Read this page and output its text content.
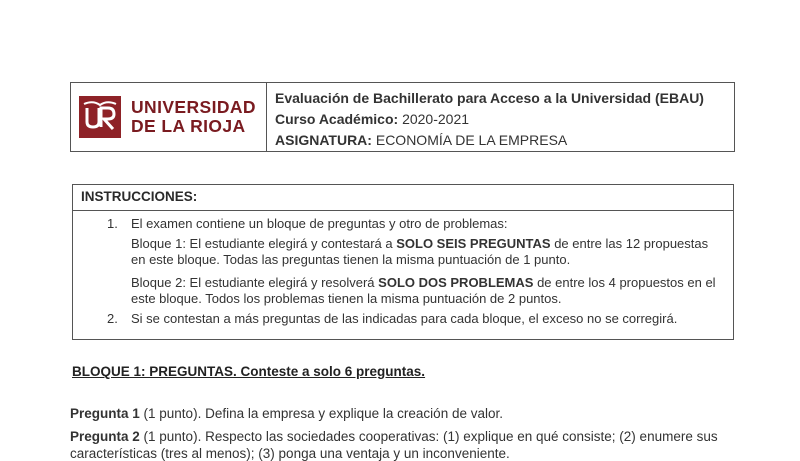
UNIVERSIDAD
DE LA RIOJA
Evaluación de Bachillerato para Acceso a la Universidad (EBAU)
Curso Académico: 2020-2021
ASIGNATURA: ECONOMÍA DE LA EMPRESA
INSTRUCCIONES:
1. El examen contiene un bloque de preguntas y otro de problemas:
Bloque 1: El estudiante elegirá y contestará a SOLO SEIS PREGUNTAS de entre las 12 propuestas
en este bloque. Todas las preguntas tienen la misma puntuación de 1 punto.
Bloque 2: El estudiante elegirá y resolverá SOLO DOS PROBLEMAS de entre los 4 propuestos en el
este bloque. Todos los problemas tienen la misma puntuación de 2 puntos.
2. Si se contestan a más preguntas de las indicadas para cada bloque, el exceso no se corregirá.
BLOQUE 1: PREGUNTAS. Conteste a solo 6 preguntas.
Pregunta 1 (1 punto). Defina la empresa y explique la creación de valor.
Pregunta 2 (1 punto). Respecto las sociedades cooperativas: (1) explique en qué consiste; (2) enumere sus
características (tres al menos); (3) ponga una ventaja y un inconveniente.
